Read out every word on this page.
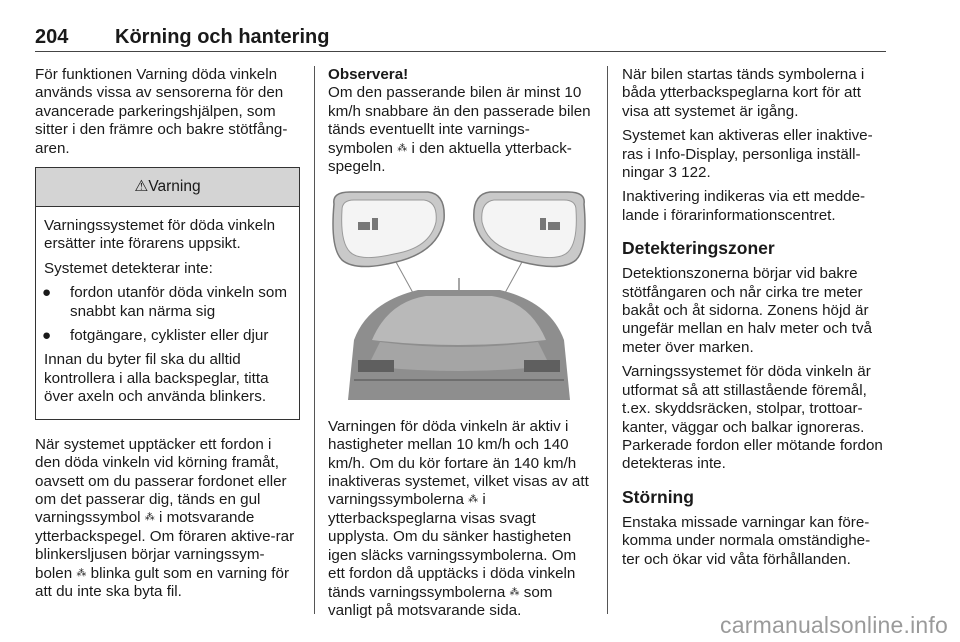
204 Körning och hantering

För funktionen Varning döda vinkeln används vissa av sensorerna för den avancerade parkeringshjälpen, som sitter i den främre och bakre stötfång-aren.

⚠Varning

Varningssystemet för döda vinkeln ersätter inte förarens uppsikt.

Systemet detekterar inte:

● fordon utanför döda vinkeln som snabbt kan närma sig
● fotgängare, cyklister eller djur

Innan du byter fil ska du alltid kontrollera i alla backspeglar, titta över axeln och använda blinkers.

När systemet upptäcker ett fordon i den döda vinkeln vid körning framåt, oavsett om du passerar fordonet eller om det passerar dig, tänds en gul varningssymbol ⁂ i motsvarande ytterbackspegel. Om föraren aktive-rar blinkersljusen börjar varningssym-bolen ⁂ blinka gult som en varning för att du inte ska byta fil.

Observera!

Om den passerande bilen är minst 10 km/h snabbare än den passerade bilen tänds eventuellt inte varnings-symbolen ⁂ i den aktuella ytterback-spegeln.

Varningen för döda vinkeln är aktiv i hastigheter mellan 10 km/h och 140 km/h. Om du kör fortare än 140 km/h inaktiveras systemet, vilket visas av att varningssymbolerna ⁂ i ytterbackspeglarna visas svagt upplysta. Om du sänker hastigheten igen släcks varningssymbolerna. Om ett fordon då upptäcks i döda vinkeln tänds varningssymbolerna ⁂ som vanligt på motsvarande sida.

När bilen startas tänds symbolerna i båda ytterbackspeglarna kort för att visa att systemet är igång.

Systemet kan aktiveras eller inaktive-ras i Info-Display, personliga inställ-ningar 3 122.

Inaktivering indikeras via ett medde-lande i förarinformationscentret.

Detekteringszoner

Detektionszonerna börjar vid bakre stötfångaren och når cirka tre meter bakåt och åt sidorna. Zonens höjd är ungefär mellan en halv meter och två meter över marken.

Varningssystemet för döda vinkeln är utformat så att stillastående föremål, t.ex. skyddsräcken, stolpar, trottoar-kanter, väggar och balkar ignoreras. Parkerade fordon eller mötande fordon detekteras inte.

Störning

Enstaka missade varningar kan före-komma under normala omständighe-ter och ökar vid våta förhållanden.

carmanualsonline.info
